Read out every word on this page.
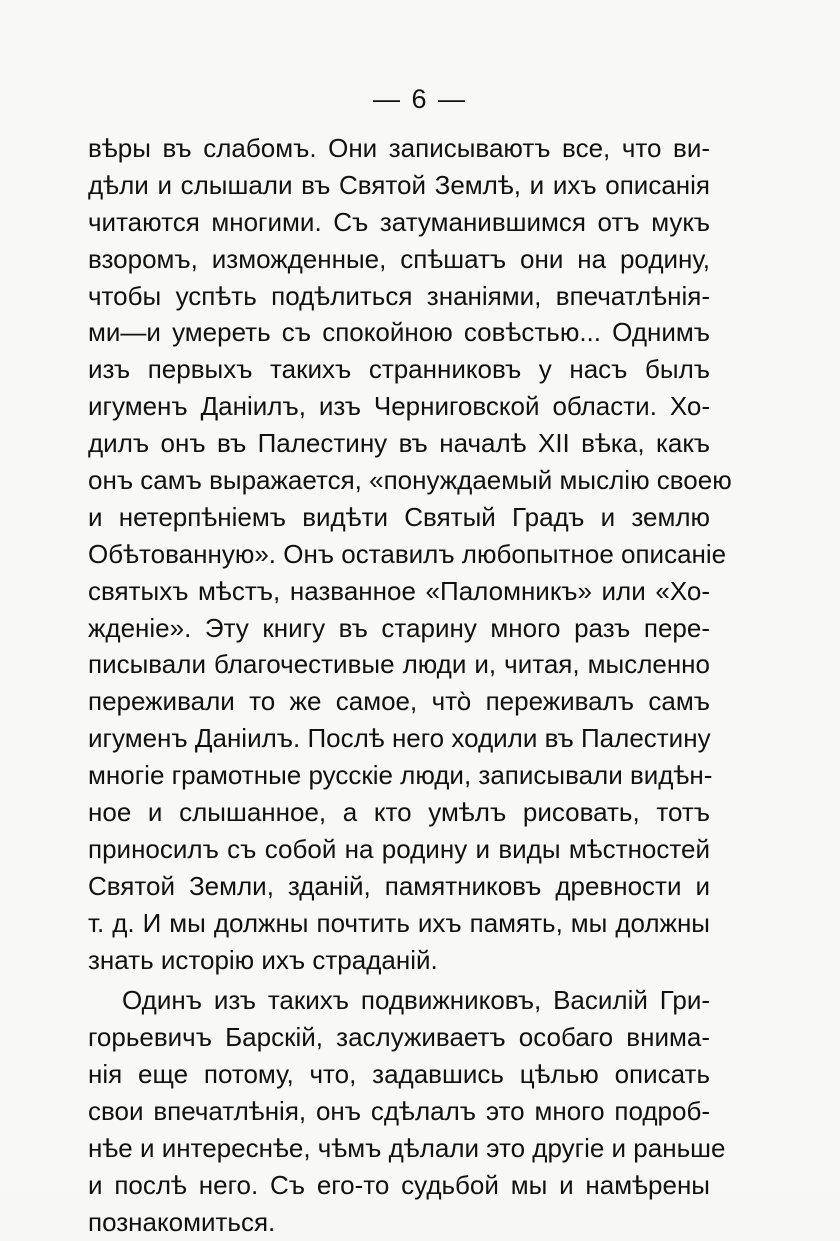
— 6 —
вѣры въ слабомъ. Они записываютъ все, что ви-
дѣли и слышали въ Святой Землѣ, и ихъ описанія
читаются многими. Съ затуманившимся отъ мукъ
взоромъ, изможденные, спѣшатъ они на родину,
чтобы успѣть подѣлиться знаніями, впечатлѣнія-
ми—и умереть съ спокойною совѣстью... Однимъ
изъ первыхъ такихъ странниковъ у насъ былъ
игуменъ Даніилъ, изъ Черниговской области. Хо-
дилъ онъ въ Палестину въ началѣ XII вѣка, какъ
онъ самъ выражается, «понуждаемый мыслію своею
и нетерпѣніемъ видѣти Святый Градъ и землю
Обѣтованную». Онъ оставилъ любопытное описаніе
святыхъ мѣстъ, названное «Паломникъ» или «Хо-
жденіе». Эту книгу въ старину много разъ пере-
писывали благочестивые люди и, читая, мысленно
переживали то же самое, что̀ переживалъ самъ
игуменъ Даніилъ. Послѣ него ходили въ Палестину
многіе грамотные русскіе люди, записывали видѣн-
ное и слышанное, а кто умѣлъ рисовать, тотъ
приносилъ съ собой на родину и виды мѣстностей
Святой Земли, зданій, памятниковъ древности и
т. д. И мы должны почтить ихъ память, мы должны
знать исторію ихъ страданій.
Одинъ изъ такихъ подвижниковъ, Василій Гри-
горьевичъ Барскій, заслуживаетъ особаго внима-
нія еще потому, что, задавшись цѣлью описать
свои впечатлѣнія, онъ сдѣлалъ это много подроб-
нѣе и интереснѣе, чѣмъ дѣлали это другіе и раньше
и послѣ него. Съ его-то судьбой мы и намѣрены
познакомиться.
